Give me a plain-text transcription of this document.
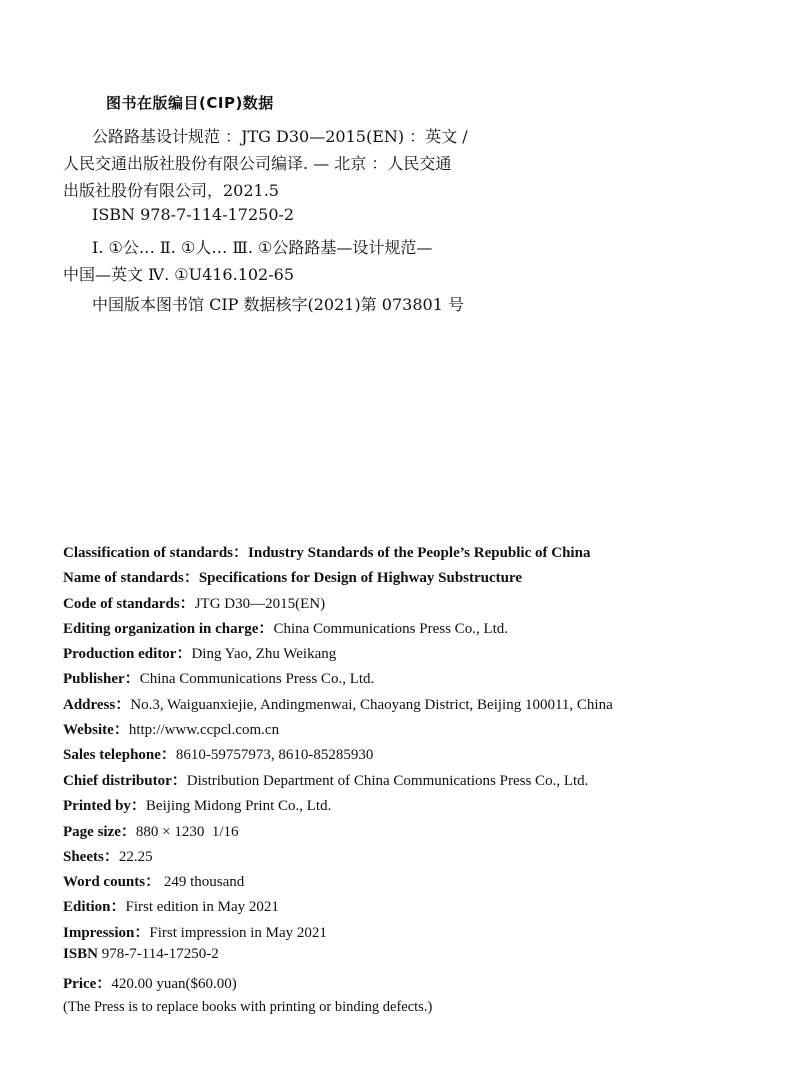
图书在版编目(CIP)数据
公路路基设计规范 ：JTG D30—2015(EN) ：英文 /
人民交通出版社股份有限公司编译. — 北京 ：人民交通
出版社股份有限公司，2021.5
ISBN 978-7-114-17250-2
Ⅰ. ①公… Ⅱ. ①人… Ⅲ. ①公路路基—设计规范—
中国—英文 Ⅳ. ①U416.102-65
中国版本图书馆 CIP 数据核字(2021)第 073801 号
Classification of standards：Industry Standards of the People’s Republic of China
Name of standards：Specifications for Design of Highway Substructure
Code of standards：JTG D30—2015(EN)
Editing organization in charge：China Communications Press Co., Ltd.
Production editor：Ding Yao, Zhu Weikang
Publisher：China Communications Press Co., Ltd.
Address：No.3, Waiguanxiejie, Andingmenwai, Chaoyang District, Beijing 100011, China
Website：http://www.ccpcl.com.cn
Sales telephone：8610-59757973, 8610-85285930
Chief distributor：Distribution Department of China Communications Press Co., Ltd.
Printed by：Beijing Midong Print Co., Ltd.
Page size：880 × 1230  1/16
Sheets：22.25
Word counts： 249 thousand
Edition：First edition in May 2021
Impression：First impression in May 2021
ISBN 978-7-114-17250-2
Price：420.00 yuan($60.00)
(The Press is to replace books with printing or binding defects.)
